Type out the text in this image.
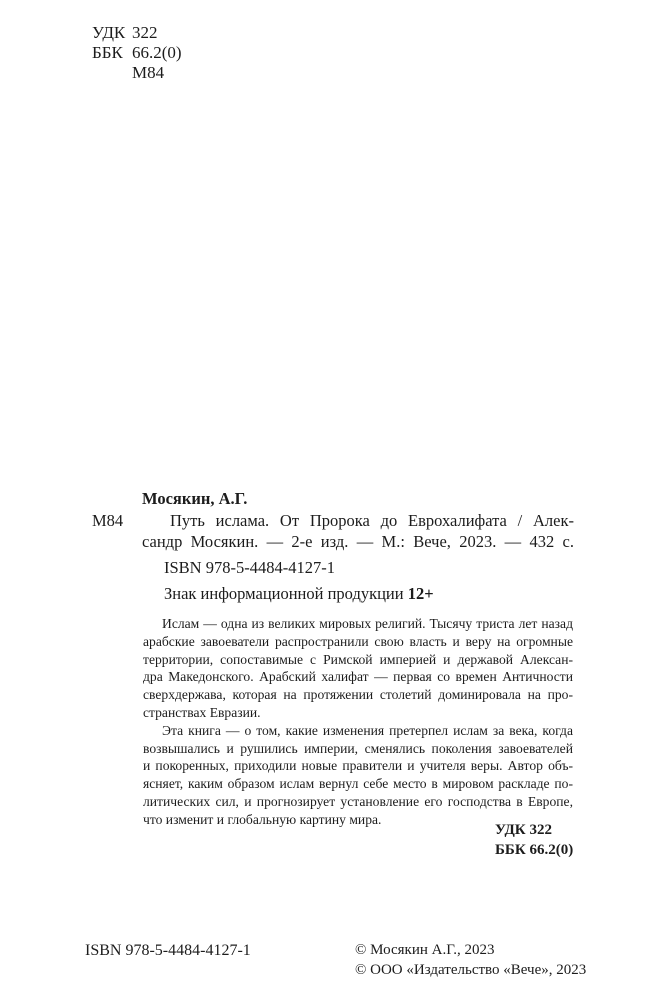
УДК 322
ББК 66.2(0)
М84
М84
Мосякин, А.Г.
Путь ислама. От Пророка до Еврохалифата / Алек-
сандр Мосякин. — 2-е изд. — М.: Вече, 2023. — 432 с.
ISBN 978-5-4484-4127-1
Знак информационной продукции 12+
Ислам — одна из великих мировых религий. Тысячу триста лет назад
арабские завоеватели распространили свою власть и веру на огромные
территории, сопоставимые с Римской империей и державой Алексан-
дра Македонского. Арабский халифат — первая со времен Античности
сверхдержава, которая на протяжении столетий доминировала на про-
странствах Евразии.
Эта книга — о том, какие изменения претерпел ислам за века, когда
возвышались и рушились империи, сменялись поколения завоевателей
и покоренных, приходили новые правители и учителя веры. Автор объ-
ясняет, каким образом ислам вернул себе место в мировом раскладе по-
литических сил, и прогнозирует установление его господства в Европе,
что изменит и глобальную картину мира.
УДК 322
ББК 66.2(0)
ISBN 978-5-4484-4127-1	© Мосякин А.Г., 2023
© ООО «Издательство «Вече», 2023
